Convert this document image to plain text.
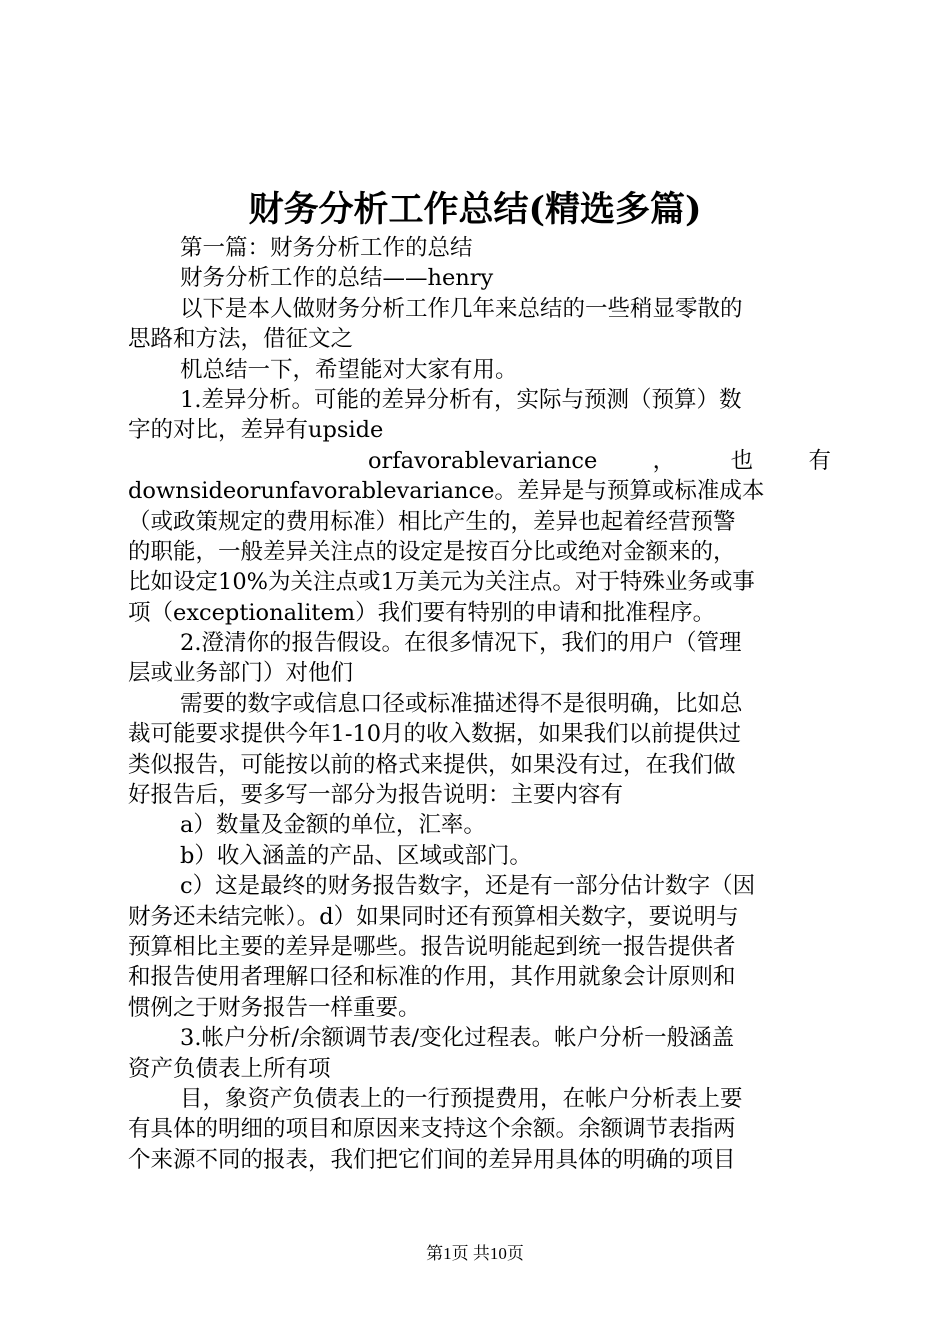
财务分析工作总结(精选多篇)
第一篇：财务分析工作的总结
财务分析工作的总结——henry
以下是本人做财务分析工作几年来总结的一些稍显零散的
思路和方法，借征文之
机总结一下，希望能对大家有用。
1.差异分析。可能的差异分析有，实际与预测（预算）数
字的对比，差异有upside
orfavorablevariance ， 也 有
downsideorunfavorablevariance。差异是与预算或标准成本
（或政策规定的费用标准）相比产生的，差异也起着经营预警
的职能，一般差异关注点的设定是按百分比或绝对金额来的，
比如设定10%为关注点或1万美元为关注点。对于特殊业务或事
项（exceptionalitem）我们要有特别的申请和批准程序。
2.澄清你的报告假设。在很多情况下，我们的用户（管理
层或业务部门）对他们
需要的数字或信息口径或标准描述得不是很明确，比如总
裁可能要求提供今年1-10月的收入数据，如果我们以前提供过
类似报告，可能按以前的格式来提供，如果没有过，在我们做
好报告后，要多写一部分为报告说明：主要内容有
a）数量及金额的单位，汇率。
b）收入涵盖的产品、区域或部门。
c）这是最终的财务报告数字，还是有一部分估计数字（因
财务还未结完帐）。d）如果同时还有预算相关数字，要说明与
预算相比主要的差异是哪些。报告说明能起到统一报告提供者
和报告使用者理解口径和标准的作用，其作用就象会计原则和
惯例之于财务报告一样重要。
3.帐户分析/余额调节表/变化过程表。帐户分析一般涵盖
资产负债表上所有项
目，象资产负债表上的一行预提费用，在帐户分析表上要
有具体的明细的项目和原因来支持这个余额。余额调节表指两
个来源不同的报表，我们把它们间的差异用具体的明确的项目
第1页 共10页
